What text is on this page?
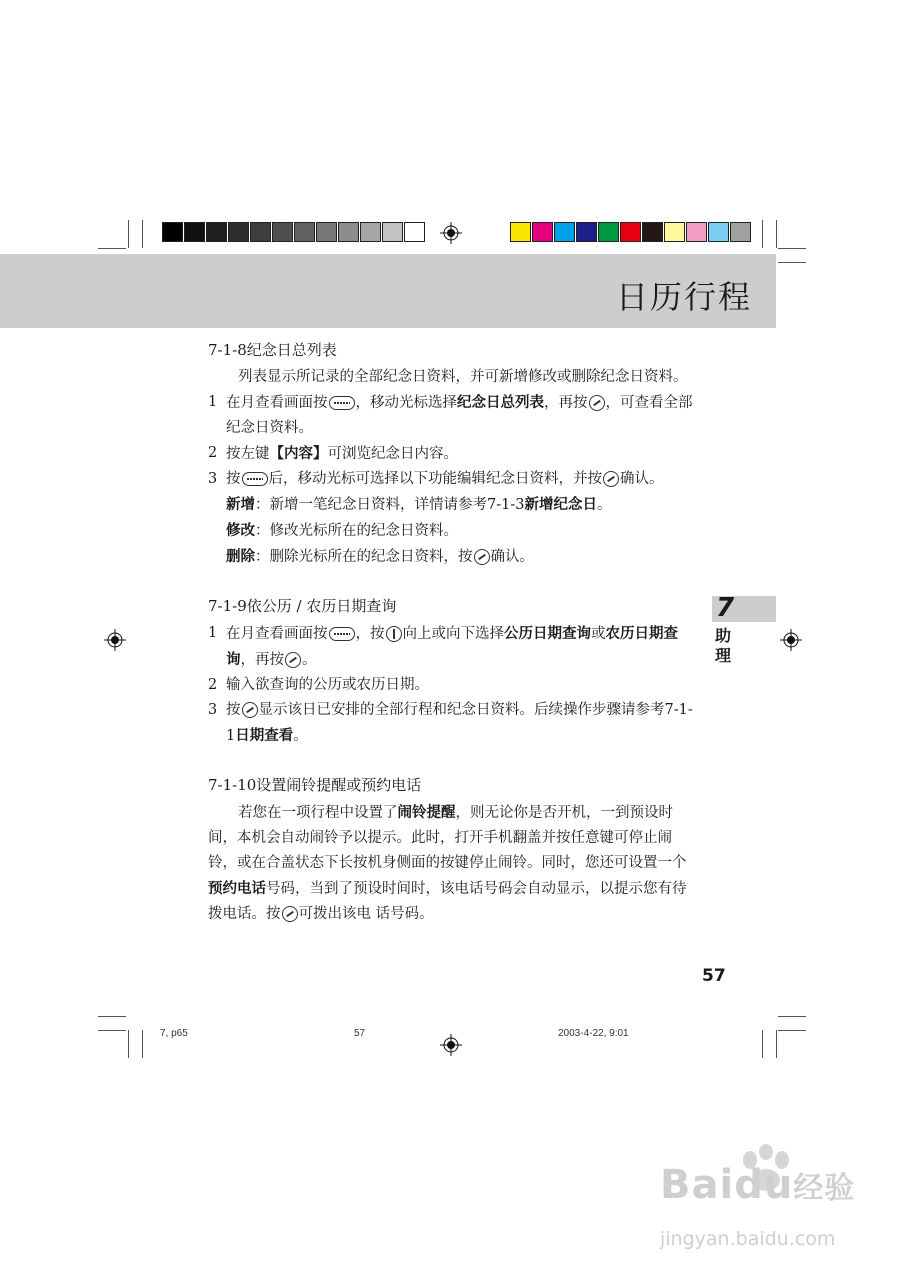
日历行程
7
助理
7-1-8纪念日总列表

列表显示所记录的全部纪念日资料，并可新增修改或删除纪念日资料。

1 在月查看画面按 ，移动光标选择纪念日总列表，再按 ，可查看全部纪念日资料。
2 按左键【内容】可浏览纪念日内容。
3 按 后，移动光标可选择以下功能编辑纪念日资料，并按 确认。

新增：新增一笔纪念日资料，详情请参考7-1-3新增纪念日。

修改：修改光标所在的纪念日资料。

删除：删除光标所在的纪念日资料，按 确认。

7-1-9依公历 / 农历日期查询
1 在月查看画面按 ，按 向上或向下选择公历日期查询或农历日期查询，再按 。
2 输入欲查询的公历或农历日期。
3 按 显示该日已安排的全部行程和纪念日资料。后续操作步骤请参考7-1-1日期查看。
7-1-10设置闹铃提醒或预约电话

若您在一项行程中设置了闹铃提醒，则无论你是否开机，一到预设时间，本机会自动闹铃予以提示。此时，打开手机翻盖并按任意键可停止闹铃，或在合盖状态下长按机身侧面的按键停止闹铃。同时，您还可设置一个预约电话号码，当到了预设时间时，该电话号码会自动显示，以提示您有待拨电话。按 可拨出该电 话号码。

57
7, p65	57	2003-4-22, 9:01
Baidu经验
jingyan.baidu.com
